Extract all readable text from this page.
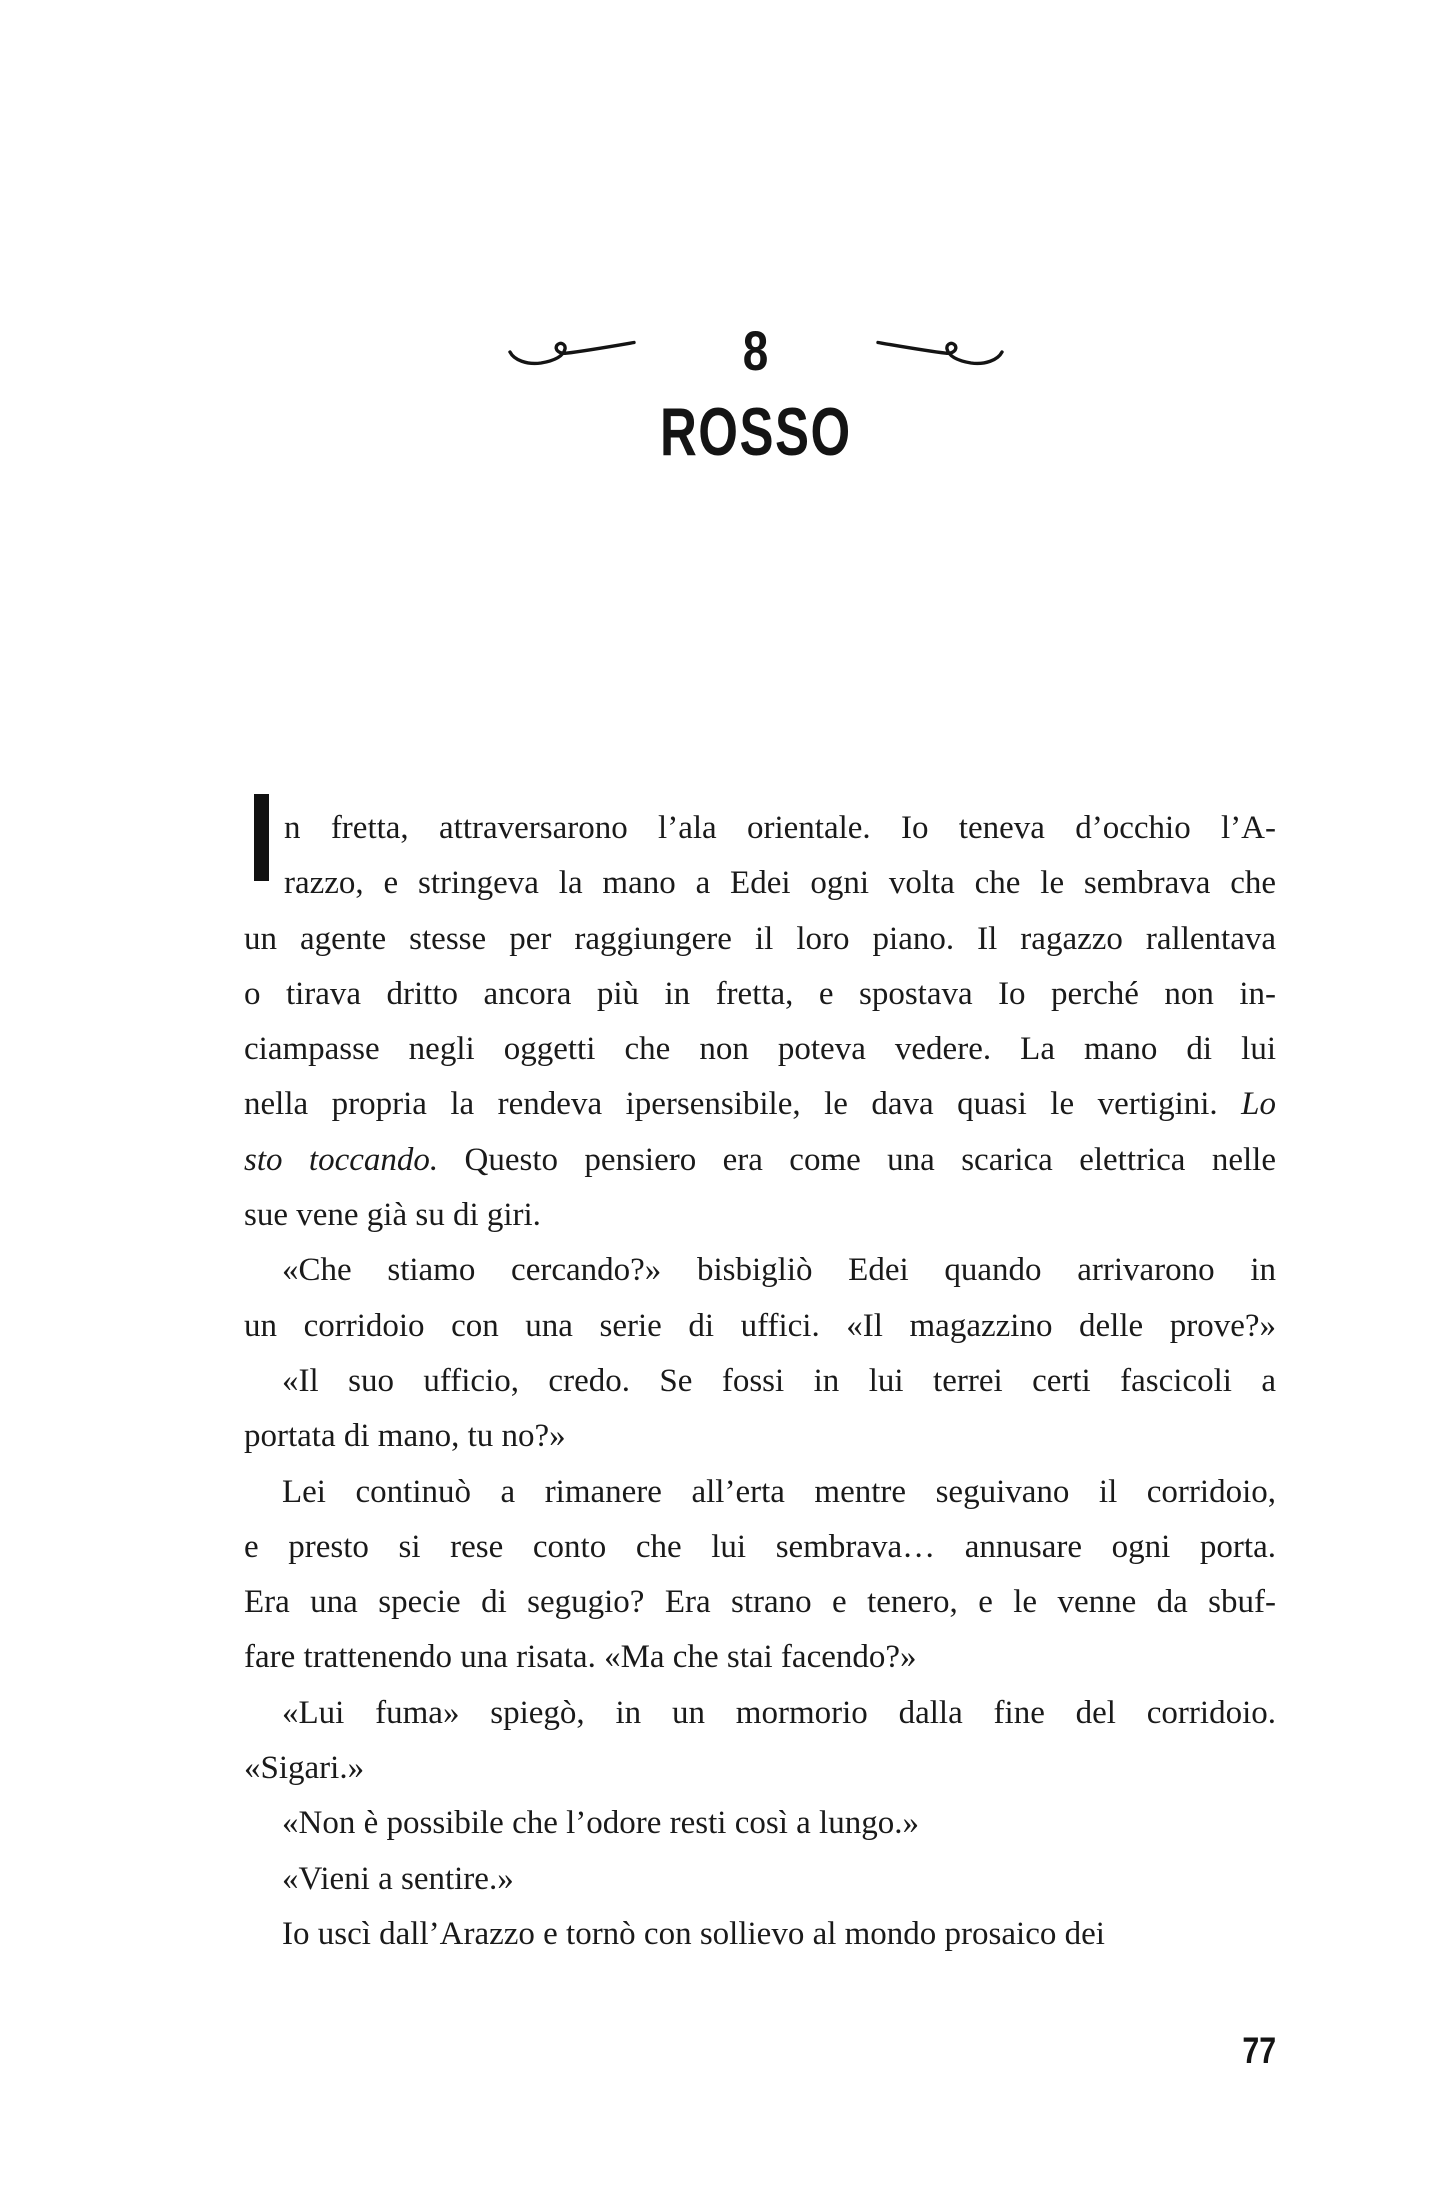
8
ROSSO
n fretta, attraversarono l’ala orientale. Io teneva d’occhio l’A-
razzo, e stringeva la mano a Edei ogni volta che le sembrava che
un agente stesse per raggiungere il loro piano. Il ragazzo rallentava
o tirava dritto ancora più in fretta, e spostava Io perché non in-
ciampasse negli oggetti che non poteva vedere. La mano di lui
nella propria la rendeva ipersensibile, le dava quasi le vertigini. Lo
sto toccando. Questo pensiero era come una scarica elettrica nelle
sue vene già su di giri.
«Che stiamo cercando?» bisbigliò Edei quando arrivarono in
un corridoio con una serie di uffici. «Il magazzino delle prove?»
«Il suo ufficio, credo. Se fossi in lui terrei certi fascicoli a
portata di mano, tu no?»
Lei continuò a rimanere all’erta mentre seguivano il corridoio,
e presto si rese conto che lui sembrava… annusare ogni porta.
Era una specie di segugio? Era strano e tenero, e le venne da sbuf-
fare trattenendo una risata. «Ma che stai facendo?»
«Lui fuma» spiegò, in un mormorio dalla fine del corridoio.
«Sigari.»
«Non è possibile che l’odore resti così a lungo.»
«Vieni a sentire.»
Io uscì dall’Arazzo e tornò con sollievo al mondo prosaico dei
77
